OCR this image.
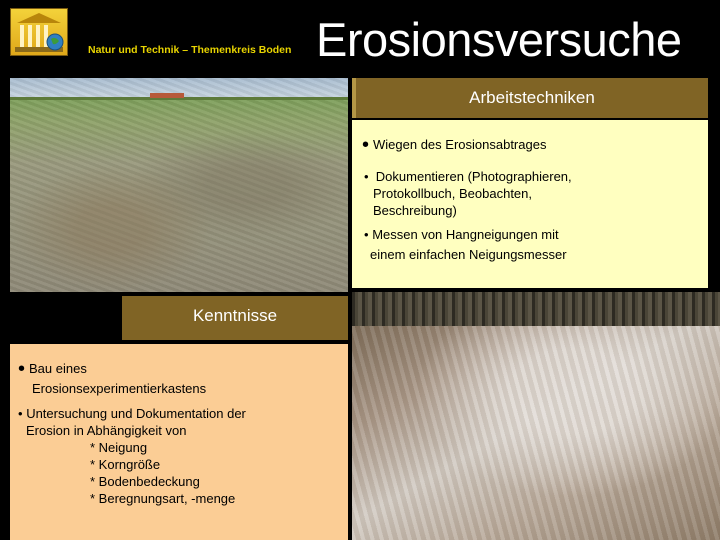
Natur und Technik – Themenkreis Boden Erosionsversuche
Arbeitstechniken
• Wiegen des Erosionsabtrages
• Dokumentieren (Photographieren,
Protokollbuch, Beobachten,
Beschreibung)
• Messen von Hangneigungen mit
einem einfachen Neigungsmesser
Kenntnisse
• Bau eines
Erosionsexperimentierkastens
• Untersuchung und Dokumentation der
Erosion in Abhängigkeit von
* Neigung
* Korngröße
* Bodenbedeckung
* Beregnungsart, -menge
